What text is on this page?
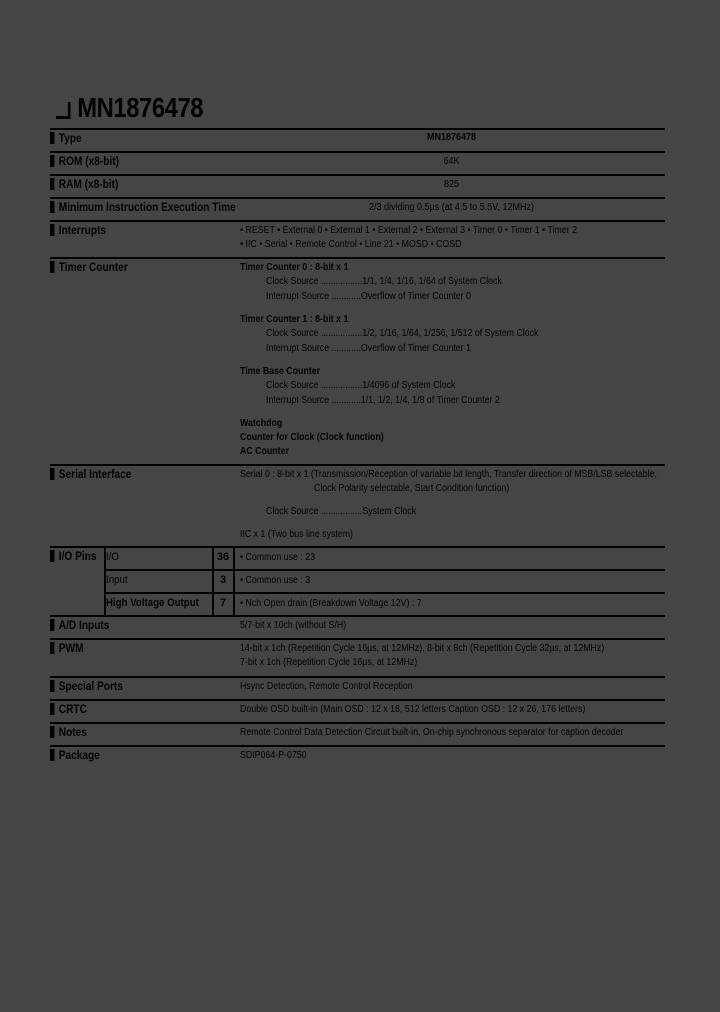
MN1876478
Type	MN1876478
ROM (x8-bit)	64K
RAM (x8-bit)	825
Minimum Instruction Execution Time	2/3 dividing 0.5µs (at 4.5 to 5.5V, 12MHz)
Interrupts	• RESET • External 0 • External 1 • External 2 • External 3 • Timer 0 • Timer 1 • Timer 2
• IIC • Serial • Remote Control • Line 21 • MOSD • COSD
Timer Counter	Timer Counter 0 : 8-bit x 1
Clock Source .................1/1, 1/4, 1/16, 1/64 of System Clock
Interrupt Source ............Overflow of Timer Counter 0
Timer Counter 1 : 8-bit x 1
Clock Source .................1/2, 1/16, 1/64, 1/256, 1/512 of System Clock
Interrupt Source ............Overflow of Timer Counter 1
Time Base Counter
Clock Source .................1/4096 of System Clock
Interrupt Source ............1/1, 1/2, 1/4, 1/8 of Timer Counter 2
Watchdog
Counter for Clock (Clock function)
AC Counter
Serial Interface	Serial 0 : 8-bit x 1 (Transmission/Reception of variable bit length, Transfer direction of MSB/LSB selectable,
Clock Polarity selectable, Start Condition function)
Clock Source .................System Clock
IIC x 1 (Two bus line system)
I/O Pins I/O	36	• Common use : 23
Input	3	• Common use : 3
High Voltage Output	7	• Nch Open drain (Breakdown Voltage 12V) : 7
A/D Inputs	5/7-bit x 10ch (without S/H)
PWM	14-bit x 1ch (Repetition Cycle 16µs, at 12MHz), 8-bit x 8ch (Repetition Cycle 32µs, at 12MHz)
7-bit x 1ch (Repetition Cycle 16µs, at 12MHz)
Special Ports	Hsync Detection, Remote Control Reception
CRTC	Double OSD built-in (Main OSD : 12 x 18, 512 letters Caption OSD : 12 x 26, 176 letters)
Notes	Remote Control Data Detection Circuit built-in, On-chip synchronous separator for caption decoder
Package	SDIP064-P-0750
